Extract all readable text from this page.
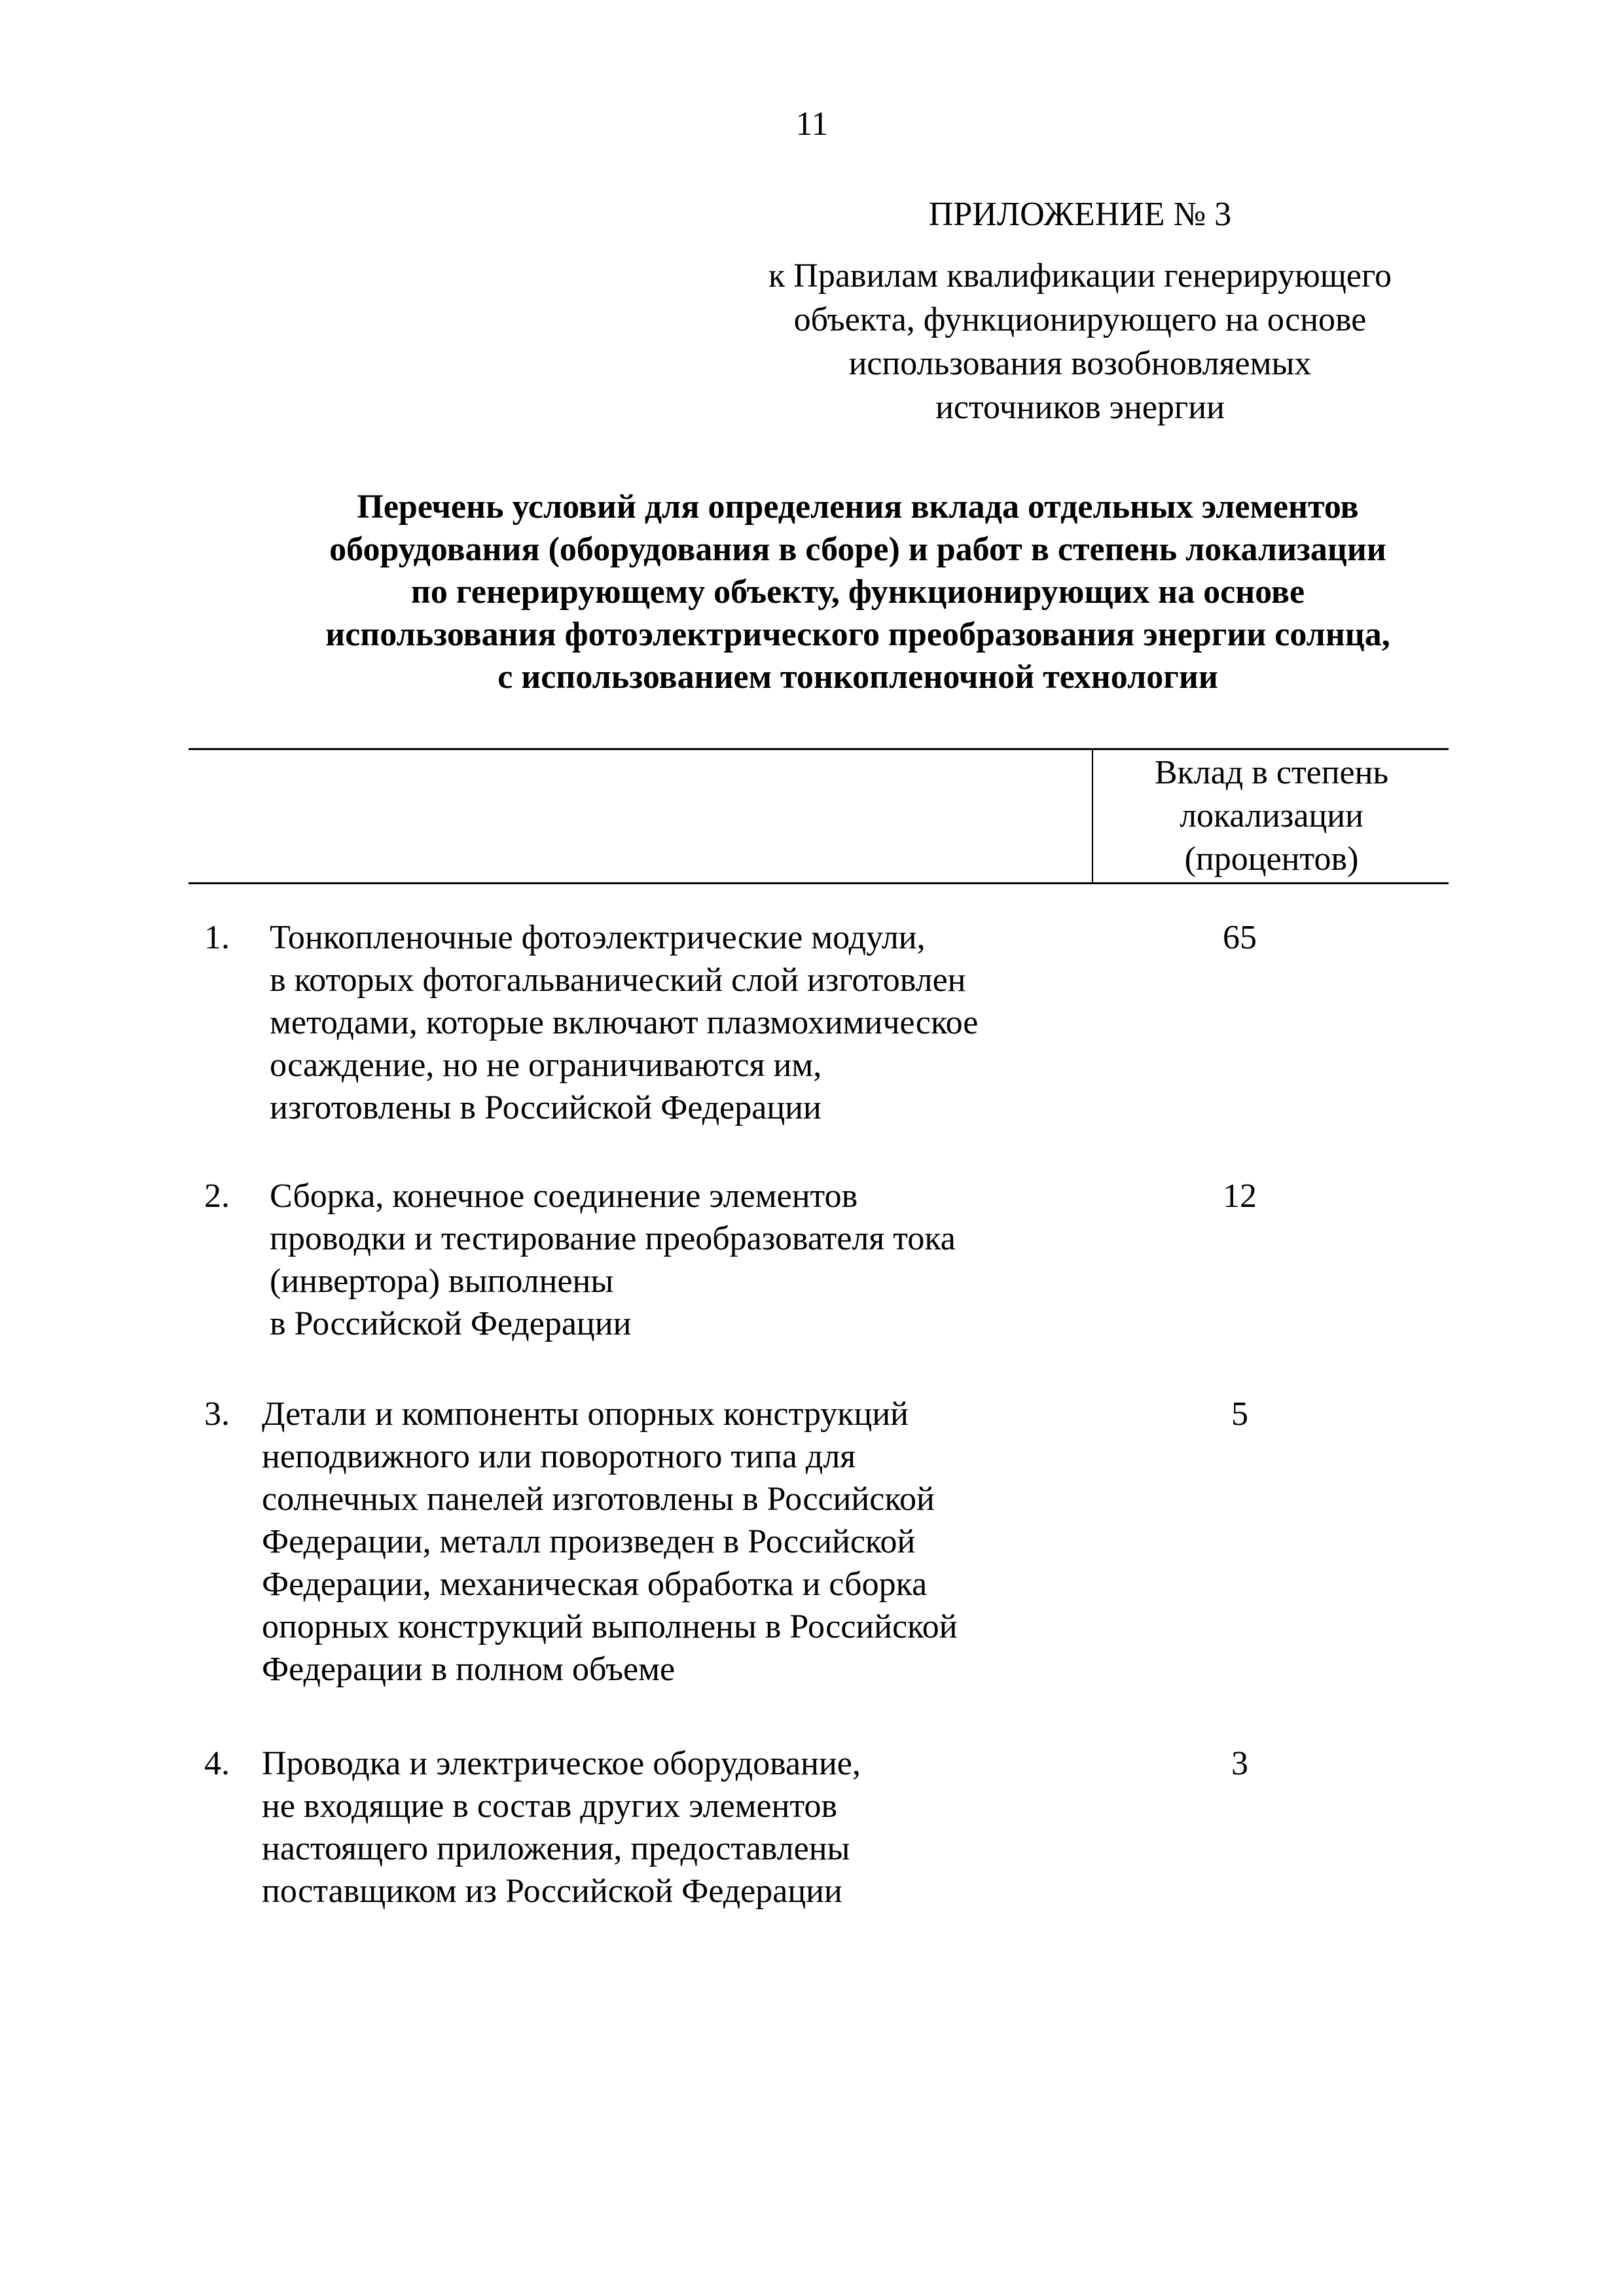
11
ПРИЛОЖЕНИЕ № 3
к Правилам квалификации генерирующего
объекта, функционирующего на основе
использования возобновляемых
источников энергии
Перечень условий для определения вклада отдельных элементов
оборудования (оборудования в сборе) и работ в степень локализации
по генерирующему объекту, функционирующих на основе
использования фотоэлектрического преобразования энергии солнца,
с использованием тонкопленочной технологии
Вклад в степень
локализации
(процентов)
1. Тонкопленочные фотоэлектрические модули,
в которых фотогальванический слой изготовлен
методами, которые включают плазмохимическое
осаждение, но не ограничиваются им,
изготовлены в Российской Федерации
65
2. Сборка, конечное соединение элементов
проводки и тестирование преобразователя тока
(инвертора) выполнены
в Российской Федерации
12
3. Детали и компоненты опорных конструкций
неподвижного или поворотного типа для
солнечных панелей изготовлены в Российской
Федерации, металл произведен в Российской
Федерации, механическая обработка и сборка
опорных конструкций выполнены в Российской
Федерации в полном объеме
5
4. Проводка и электрическое оборудование,
не входящие в состав других элементов
настоящего приложения, предоставлены
поставщиком из Российской Федерации
3
